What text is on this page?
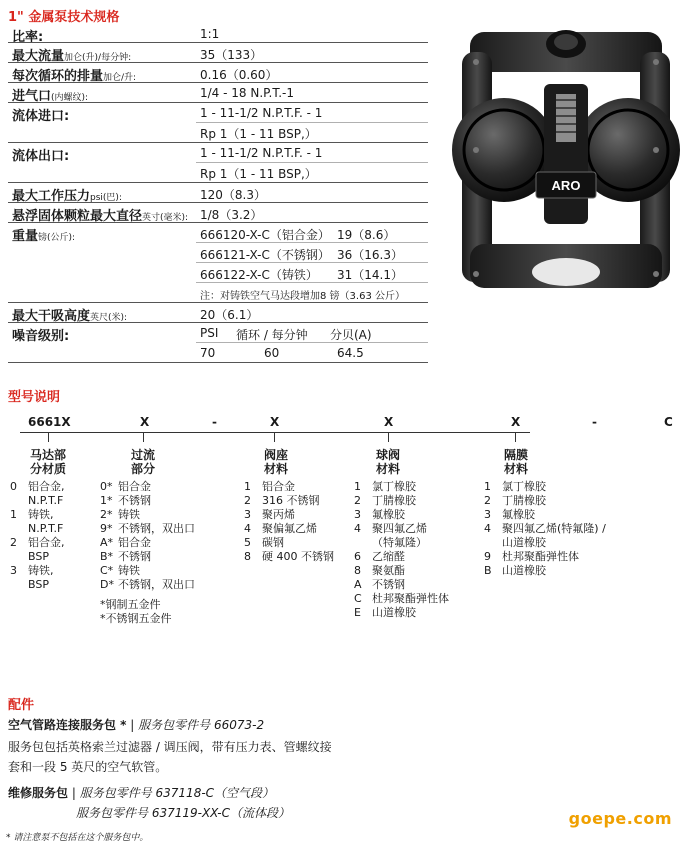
1" 金属泵技术规格
比率:	1:1
最大流量加仑(升)/每分钟:	35（133）
每次循环的排量加仑/升:	0.16（0.60）
进气口(内螺纹):	1/4 - 18 N.P.T.-1
流体进口:	1 - 11-1/2 N.P.T.F. - 1
Rp 1（1 - 11 BSP,）
流体出口:	1 - 11-1/2 N.P.T.F. - 1
Rp 1（1 - 11 BSP,）
最大工作压力psi(巴):	120（8.3）
悬浮固体颗粒最大直径英寸(毫米): 1/8（3.2）
重量镑(公斤):	666120-X-C（铝合金） 19（8.6）
666121-X-C（不锈钢） 36（16.3）
666122-X-C（铸铁） 31（14.1）
注：对铸铁空气马达段增加8 镑（3.63 公斤）
最大干吸高度英尺(米):	20（6.1）
噪音级别:	PSI 循环 / 每分钟 分贝(A)
70	60	64.5
ARO
型号说明
6661X	X	-	X	X	X	-	C
马达部
分材质
0 铝合金,
N.P.T.F
1 铸铁,
N.P.T.F
2 铝合金,
BSP
3 铸铁,
BSP
过流
部分
0* 铝合金
1* 不锈钢
2* 铸铁
9* 不锈钢，双出口
A* 铝合金
B* 不锈钢
C* 铸铁
D* 不锈钢，双出口
*钢制五金件
*不锈钢五金件
阀座
材料
1 铝合金
2 316 不锈钢
3 聚丙烯
4 聚偏氟乙烯
5 碳钢
8 硬 400 不锈钢
球阀
材料
1 氯丁橡胶
2 丁腈橡胶
3 氟橡胶
4 聚四氟乙烯
（特氟隆）
6 乙缩醛
8 聚氨酯
A 不锈钢
C 杜邦聚酯弹性体
E 山道橡胶
隔膜
材料
1 氯丁橡胶
2 丁腈橡胶
3 氟橡胶
4 聚四氟乙烯(特氟隆) /
山道橡胶
9 杜邦聚酯弹性体
B 山道橡胶
配件
空气管路连接服务包 * | 服务包零件号 66073-2
服务包包括英格索兰过滤器 / 调压阀，带有压力表、管螺纹接
套和一段 5 英尺的空气软管。
维修服务包 | 服务包零件号 637118-C（空气段）
服务包零件号 637119-XX-C（流体段）
* 请注意泵不包括在这个服务包中。
goepe.com
